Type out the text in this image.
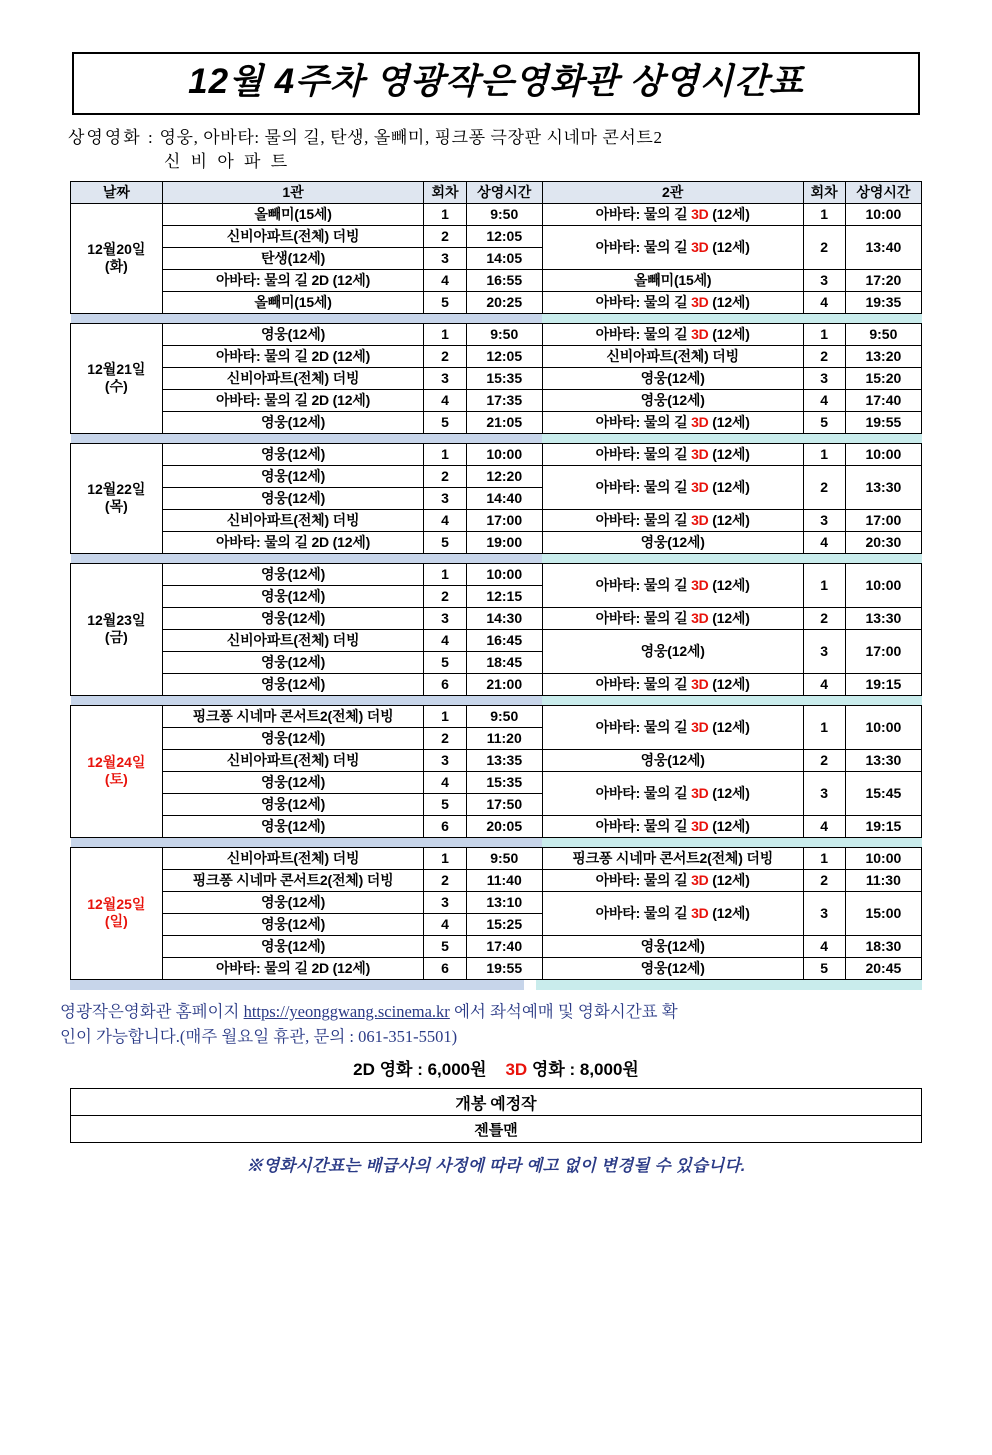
12월 4주차 영광작은영화관 상영시간표
상영영화 : 영웅, 아바타: 물의 길, 탄생, 올빼미, 핑크퐁 극장판 시네마 콘서트2
신 비 아 파 트
날짜	1관	회차	상영시간	2관	회차	상영시간
12월20일
(화)	올빼미(15세)	1	9:50	아바타: 물의 길 3D (12세)	1	10:00
	신비아파트(전체) 더빙	2	12:05	아바타: 물의 길 3D (12세)	2	13:40
	탄생(12세)	3	14:05			
	아바타: 물의 길 2D (12세)	4	16:55	올빼미(15세)	3	17:20
	올빼미(15세)	5	20:25	아바타: 물의 길 3D (12세)	4	19:35

12월21일
(수)	영웅(12세)	1	9:50	아바타: 물의 길 3D (12세)	1	9:50
	아바타: 물의 길 2D (12세)	2	12:05	신비아파트(전체) 더빙	2	13:20
	신비아파트(전체) 더빙	3	15:35	영웅(12세)	3	15:20
	아바타: 물의 길 2D (12세)	4	17:35	영웅(12세)	4	17:40
	영웅(12세)	5	21:05	아바타: 물의 길 3D (12세)	5	19:55

12월22일
(목)	영웅(12세)	1	10:00	아바타: 물의 길 3D (12세)	1	10:00
	영웅(12세)	2	12:20	아바타: 물의 길 3D (12세)	2	13:30
	영웅(12세)	3	14:40			
	신비아파트(전체) 더빙	4	17:00	아바타: 물의 길 3D (12세)	3	17:00
	아바타: 물의 길 2D (12세)	5	19:00	영웅(12세)	4	20:30

12월23일
(금)	영웅(12세)	1	10:00	아바타: 물의 길 3D (12세)	1	10:00
	영웅(12세)	2	12:15			
	영웅(12세)	3	14:30	아바타: 물의 길 3D (12세)	2	13:30
	신비아파트(전체) 더빙	4	16:45	영웅(12세)	3	17:00
	영웅(12세)	5	18:45			
	영웅(12세)	6	21:00	아바타: 물의 길 3D (12세)	4	19:15

12월24일
(토)	핑크퐁 시네마 콘서트2(전체) 더빙	1	9:50	아바타: 물의 길 3D (12세)	1	10:00
	영웅(12세)	2	11:20			
	신비아파트(전체) 더빙	3	13:35	영웅(12세)	2	13:30
	영웅(12세)	4	15:35	아바타: 물의 길 3D (12세)	3	15:45
	영웅(12세)	5	17:50			
	영웅(12세)	6	20:05	아바타: 물의 길 3D (12세)	4	19:15

12월25일
(일)	신비아파트(전체) 더빙	1	9:50	핑크퐁 시네마 콘서트2(전체) 더빙	1	10:00
	핑크퐁 시네마 콘서트2(전체) 더빙	2	11:40	아바타: 물의 길 3D (12세)	2	11:30
	영웅(12세)	3	13:10	아바타: 물의 길 3D (12세)	3	15:00
	영웅(12세)	4	15:25			
	영웅(12세)	5	17:40	영웅(12세)	4	18:30
	아바타: 물의 길 2D (12세)	6	19:55	영웅(12세)	5	20:45
영광작은영화관 홈페이지 https://yeonggwang.scinema.kr 에서 좌석예매 및 영화시간표 확
인이 가능합니다.(매주 월요일 휴관, 문의 : 061-351-5501)
2D 영화 : 6,000원 3D 영화 : 8,000원
개봉 예정작
젠틀맨
※영화시간표는 배급사의 사정에 따라 예고 없이 변경될 수 있습니다.
